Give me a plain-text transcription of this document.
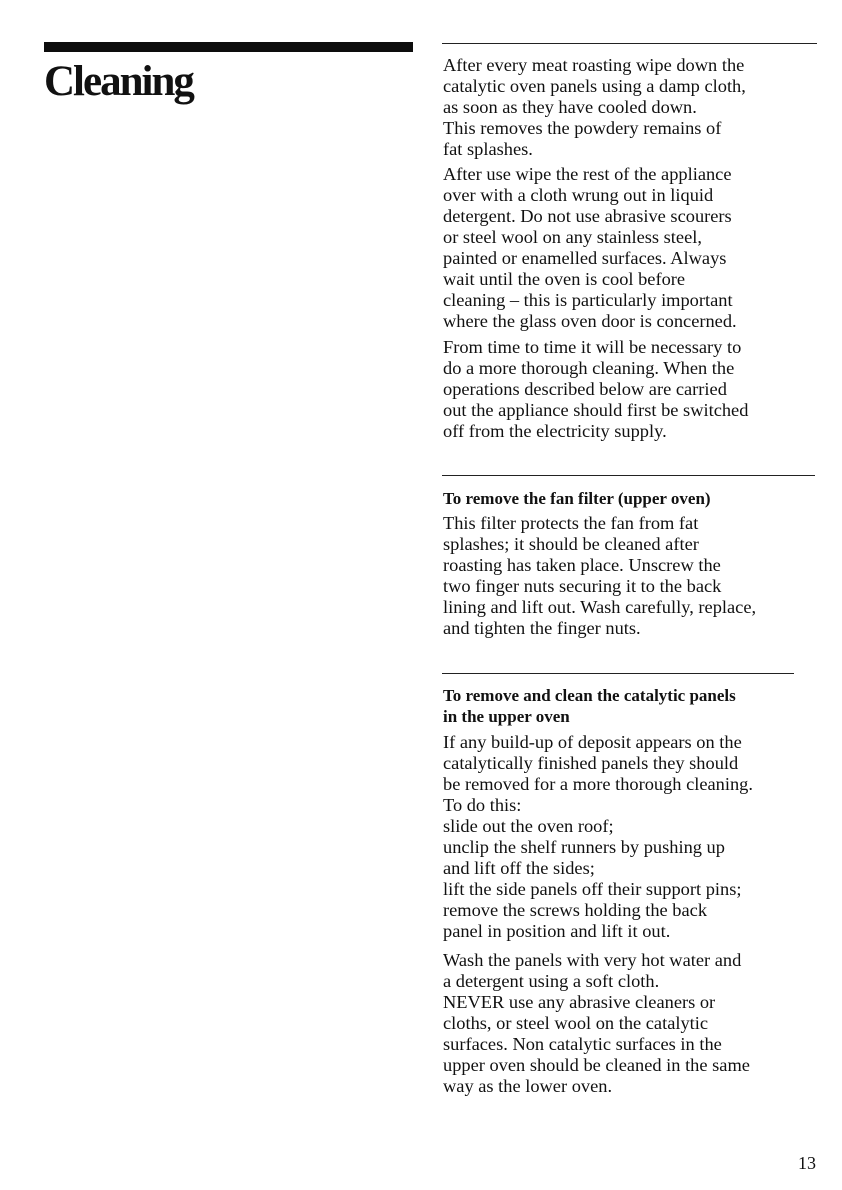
Cleaning	After every meat roasting wipe down the
catalytic oven panels using a damp cloth,
as soon as they have cooled down.
This removes the powdery remains of
fat splashes.

After use wipe the rest of the appliance
over with a cloth wrung out in liquid
detergent. Do not use abrasive scourers
or steel wool on any stainless steel,
painted or enamelled surfaces. Always
wait until the oven is cool before
cleaning – this is particularly important
where the glass oven door is concerned.

From time to time it will be necessary to
do a more thorough cleaning. When the
operations described below are carried
out the appliance should first be switched
off from the electricity supply.

To remove the fan filter (upper oven)

This filter protects the fan from fat
splashes; it should be cleaned after
roasting has taken place. Unscrew the
two finger nuts securing it to the back
lining and lift out. Wash carefully, replace,
and tighten the finger nuts.

To remove and clean the catalytic panels
in the upper oven

If any build-up of deposit appears on the
catalytically finished panels they should
be removed for a more thorough cleaning.
To do this:
slide out the oven roof;
unclip the shelf runners by pushing up
and lift off the sides;
lift the side panels off their support pins;
remove the screws holding the back
panel in position and lift it out.

Wash the panels with very hot water and
a detergent using a soft cloth.
NEVER use any abrasive cleaners or
cloths, or steel wool on the catalytic
surfaces. Non catalytic surfaces in the
upper oven should be cleaned in the same
way as the lower oven.

13
